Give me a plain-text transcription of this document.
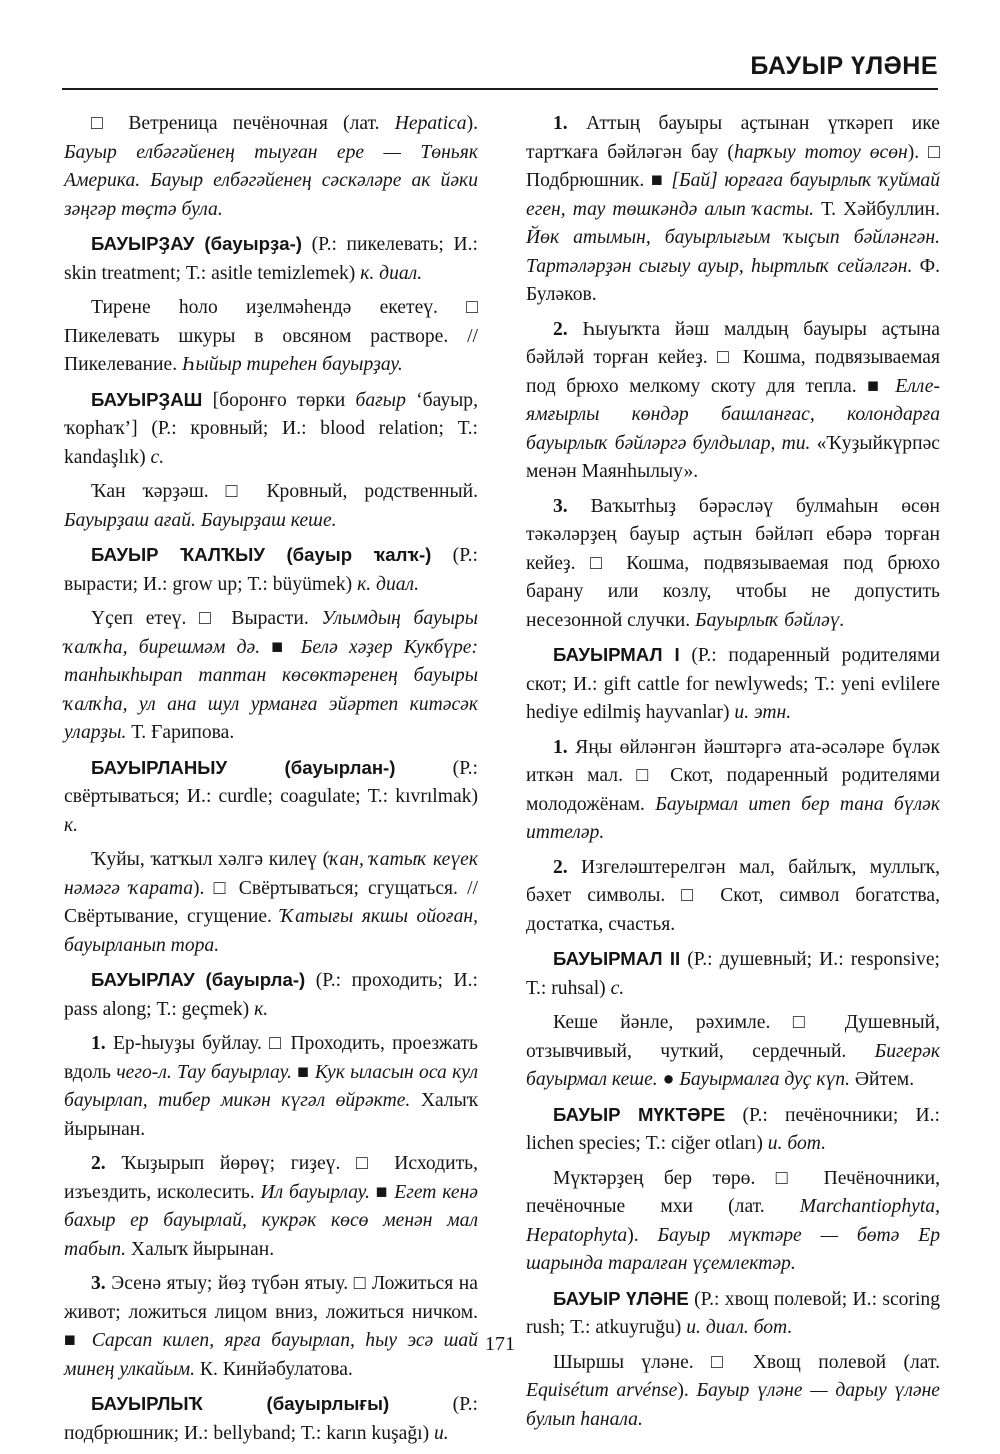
БАУЫР ҮЛӘНЕ

□ Ветреница печёночная (лат. Hepatica). Бауыр елбәгәйенең тыуған ере — Төньяк Америка. Бауыр елбәгәйенең сәскәләре ак йәки зәңгәр төҫтә була.

БАУЫРҘАУ (бауырҙа-) (Р.: пикелевать; И.: skin treatment; Т.: asitle temizlemek) к. диал.

Тирене һоло иҙелмәһендә екетеү. □ Пикелевать шкуры в овсяном растворе. // Пикелевание. Һыйыр тиреһен бауырҙау.

БАУЫРҘАШ [боронғо төрки бағыр ‘бауыр, ҡорһаҡ’] (Р.: кровный; И.: blood relation; Т.: kandaşlık) с.

Ҡан ҡәрҙәш. □ Кровный, родственный. Бауырҙаш ағай. Бауырҙаш кеше.

БАУЫР ҠАЛҠЫУ (бауыр ҡалҡ-) (Р.: вырасти; И.: grow up; Т.: büyümek) к. диал.

Үҫеп етеү. □ Вырасти. Улымдың бауыры ҡалҡһа, бирешмәм дә. ■ Белә хәҙер Кукбүре: танһыкһырап таптан көсөктәренең бауыры ҡалҡһа, ул ана шул урманға эйәртеп китәсәк уларҙы. Т. Ғарипова.

БАУЫРЛАНЫУ (бауырлан-) (Р.: свёртываться; И.: curdle; coagulate; Т.: kıvrılmak) к.

Ҡуйы, ҡатҡыл хәлгә килеү (ҡан, ҡатыҡ кеүек нәмәгә ҡарата). □ Свёртываться; сгущаться. // Свёртывание, сгущение. Ҡатығы якшы ойоған, бауырланып тора.

БАУЫРЛАУ (бауырла-) (Р.: проходить; И.: pass along; Т.: geçmek) к.

1. Ер-һыуҙы буйлау. □ Проходить, проезжать вдоль чего-л. Тау бауырлау. ■ Кук ыласын оса кул бауырлап, тибер микән күгәл өйрәкте. Халыҡ йырынан.

2. Ҡыҙырып йөрөү; гиҙеү. □ Исходить, изъездить, исколесить. Ил бауырлау. ■ Егет кенә бахыр ер бауырлай, кукрәк көсө менән мал табып. Халыҡ йырынан.

3. Эсенә ятыу; йөҙ түбән ятыу. □ Ложиться на живот; ложиться лицом вниз, ложиться ничком. ■ Сарсап килеп, ярға бауырлап, һыу эсә шай минең улкайым. К. Кинйәбулатова.

БАУЫРЛЫҠ (бауырлығы) (Р.: подбрюшник; И.: bellyband; Т.: karın kuşağı) и.

1. Аттың бауыры аҫтынан үткәреп ике тартҡаға бәйләгән бау (һарҡыу тотоу өсөн). □ Подбрюшник. ■ [Бай] юрғаға бауырлыҡ ҡуймай еген, тау төшкәндә алып ҡасты. Т. Хәйбуллин. Йөк атымын, бауырлығым ҡыҫып бәйләнгән. Тартәләрҙән сығыу ауыр, һыртлыҡ сейәлгән. Ф. Буләков.

2. Һыуыҡта йәш малдың бауыры аҫтына бәйләй торған кейеҙ. □ Кошма, подвязываемая под брюхо мелкому скоту для тепла. ■ Елле-ямғырлы көндәр башланғас, колондарға бауырлыҡ бәйләргә булдылар, ти. «Ҡуҙыйкүрпәс менән Маянһылыу».

3. Ваҡытһыҙ бәрәсләү булмаһын өсөн тәкәләрҙең бауыр аҫтын бәйләп ебәрә торған кейеҙ. □ Кошма, подвязываемая под брюхо барану или козлу, чтобы не допустить несезонной случки. Бауырлыҡ бәйләү.

БАУЫРМАЛ I (Р.: подаренный родителями скот; И.: gift cattle for newlyweds; Т.: yeni evlilere hediye edilmiş hayvanlar) и. этн.

1. Яңы өйләнгән йәштәргә ата-әсәләре бүләк иткән мал. □ Скот, подаренный родителями молодожёнам. Бауырмал итеп бер тана бүләк иттеләр.

2. Изгеләштерелгән мал, байлыҡ, муллыҡ, бәхет символы. □ Скот, символ богатства, достатка, счастья.

БАУЫРМАЛ II (Р.: душевный; И.: responsive; Т.: ruhsal) с.

Кеше йәнле, рәхимле. □ Душевный, отзывчивый, чуткий, сердечный. Бигерәк бауырмал кеше. ● Бауырмалға дуҫ күп. Әйтем.

БАУЫР МҮКТӘРЕ (Р.: печёночники; И.: lichen species; Т.: ciğer otları) и. бот.

Мүктәрҙең бер төрө. □ Печёночники, печёночные мхи (лат. Marchantiophyta, Hepatophyta). Бауыр мүктәре — бөтә Ер шарында таралған үҫемлектәр.

БАУЫР ҮЛӘНЕ (Р.: хвощ полевой; И.: scoring rush; Т.: atkuyruğu) и. диал. бот.

Шыршы үләне. □ Хвощ полевой (лат. Equisétum arvénse). Бауыр үләне — дарыу үләне булып һанала.

171
